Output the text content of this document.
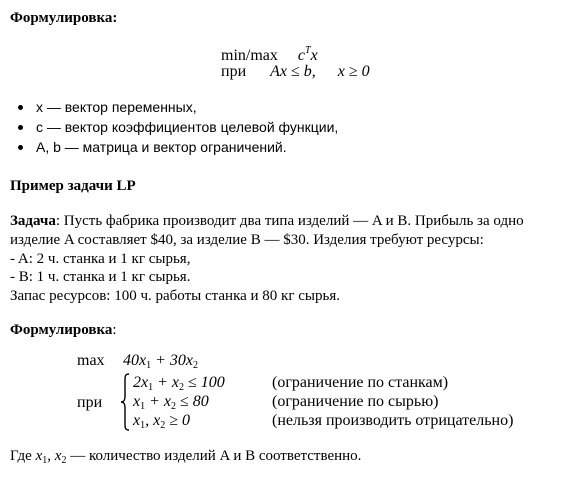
Формулировка:
min/max $c^Tx$
при Ax ≤ b, x ≥ 0
x — вектор переменных,
c — вектор коэффициентов целевой функции,
A, b — матрица и вектор ограничений.
Пример задачи LP
Задача: Пусть фабрика производит два типа изделий — A и B. Прибыль за одно
изделие A составляет $40, за изделие B — $30. Изделия требуют ресурсы:
- A: 2 ч. станка и 1 кг сырья,
- B: 1 ч. станка и 1 кг сырья.
Запас ресурсов: 100 ч. работы станка и 80 кг сырья.
Формулировка:
$\max 40x_1 + 30x_2$
при
$2x_1 + x_2 \le 100$	(ограничение по станкам)
$x_1 + x_2 \le 80$	(ограничение по сырью)
$x_1$, $x_2 \ge 0$	(нельзя производить отрицательно)
Где $x_1$, $x_2$ — количество изделий A и B соответственно.
